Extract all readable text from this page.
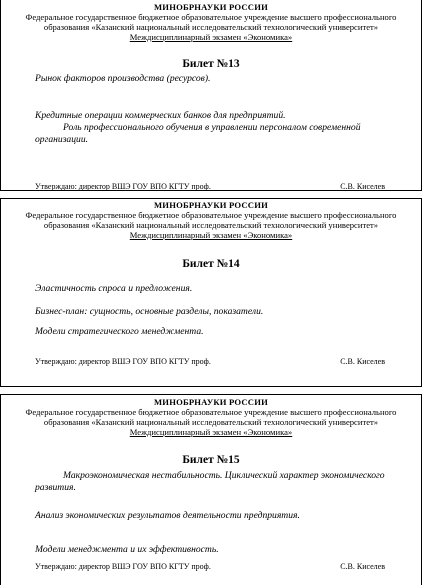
МИНОБРНАУКИ РОССИИ
Федеральное государственное бюджетное образовательное учреждение высшего профессионального
образования «Казанский национальный исследовательский технологический университет»
Междисциплинарный экзамен «Экономика»
Билет №13
Рынок факторов производства (ресурсов).
Кредитные операции коммерческих банков для предприятий.
Роль профессионального обучения в управлении персоналом современной организации.
Утверждаю: директор ВШЭ ГОУ ВПО КГТУ проф.	С.В. Киселев
МИНОБРНАУКИ РОССИИ
Федеральное государственное бюджетное образовательное учреждение высшего профессионального
образования «Казанский национальный исследовательский технологический университет»
Междисциплинарный экзамен «Экономика»
Билет №14
Эластичность спроса и предложения.
Бизнес-план: сущность, основные разделы, показатели.
Модели стратегического менеджмента.
Утверждаю: директор ВШЭ ГОУ ВПО КГТУ проф.	С.В. Киселев
МИНОБРНАУКИ РОССИИ
Федеральное государственное бюджетное образовательное учреждение высшего профессионального
образования «Казанский национальный исследовательский технологический университет»
Междисциплинарный экзамен «Экономика»
Билет №15
Макроэкономическая нестабильность. Циклический характер экономического развития.
Анализ экономических результатов деятельности предприятия.
Модели менеджмента и их эффективность.
Утверждаю: директор ВШЭ ГОУ ВПО КГТУ проф.	С.В. Киселев
